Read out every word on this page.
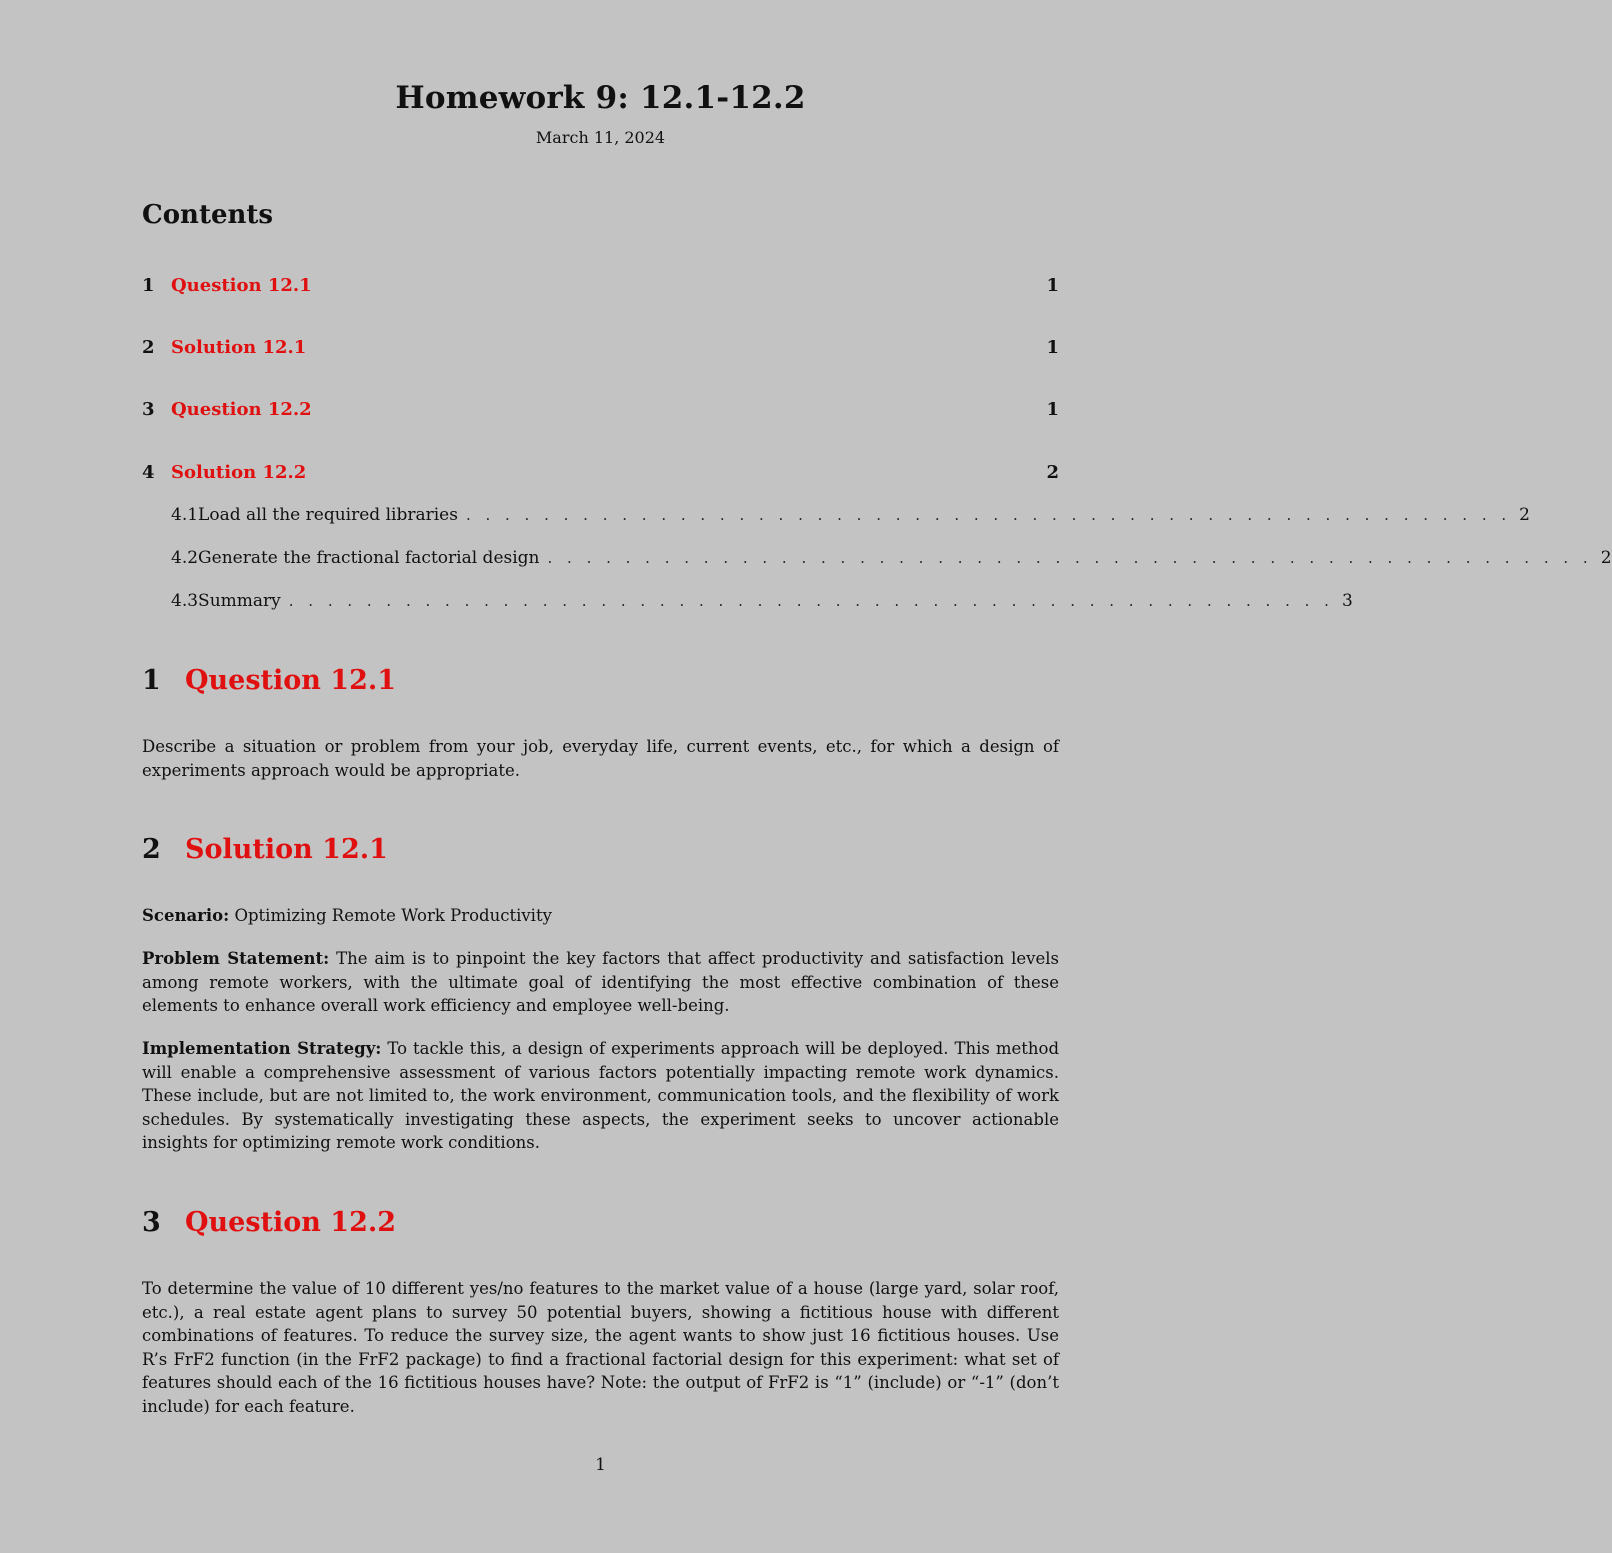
Homework 9: 12.1-12.2
March 11, 2024
Contents
1 Question 12.1	1
2 Solution 12.1	1
3 Question 12.2	1
4 Solution 12.2	2
4.1 Load all the required libraries . . . . . . . . . . . . . . . . . . . . . . . . . . . . . . . . . . . . . . . . . . . . . . . . . . . . . . 2
4.2 Generate the fractional factorial design . . . . . . . . . . . . . . . . . . . . . . . . . . . . . . . . . . . . . . . . . . . . . . . . . . . . . . 2
4.3 Summary . . . . . . . . . . . . . . . . . . . . . . . . . . . . . . . . . . . . . . . . . . . . . . . . . . . . . . 3
1 Question 12.1
Describe a situation or problem from your job, everyday life, current events, etc., for which a design of experiments approach would be appropriate.
2 Solution 12.1
Scenario: Optimizing Remote Work Productivity
Problem Statement: The aim is to pinpoint the key factors that affect productivity and satisfaction levels among remote workers, with the ultimate goal of identifying the most effective combination of these elements to enhance overall work efficiency and employee well-being.
Implementation Strategy: To tackle this, a design of experiments approach will be deployed. This method will enable a comprehensive assessment of various factors potentially impacting remote work dynamics. These include, but are not limited to, the work environment, communication tools, and the flexibility of work schedules. By systematically investigating these aspects, the experiment seeks to uncover actionable insights for optimizing remote work conditions.
3 Question 12.2
To determine the value of 10 different yes/no features to the market value of a house (large yard, solar roof, etc.), a real estate agent plans to survey 50 potential buyers, showing a fictitious house with different combinations of features. To reduce the survey size, the agent wants to show just 16 fictitious houses. Use R’s FrF2 function (in the FrF2 package) to find a fractional factorial design for this experiment: what set of features should each of the 16 fictitious houses have? Note: the output of FrF2 is “1” (include) or “-1” (don’t include) for each feature.
1
